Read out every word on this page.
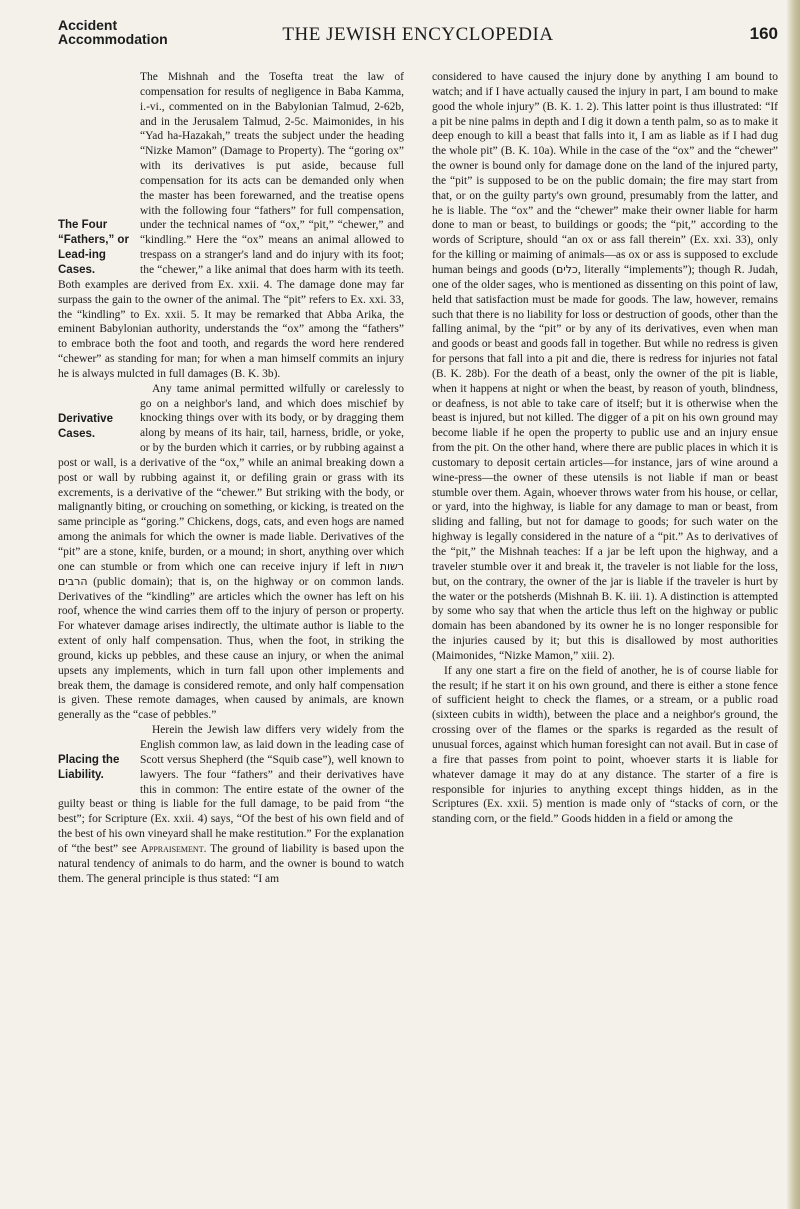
Accident
Accommodation	THE JEWISH ENCYCLOPEDIA	160

The Four “Fathers,” or Lead-ing Cases.
The Mishnah and the Tosefta treat the law of compensation for results of negligence in Baba Kamma, i.-vi., commented on in the Babylonian Talmud, 2-62b, and in the Jerusalem Talmud, 2-5c. Maimonides, in his “Yad ha-Hazakah,” treats the subject under the heading “Nizke Mamon” (Damage to Property). The “goring ox” with its derivatives is put aside, because full compensation for its acts can be demanded only when the master has been forewarned, and the treatise opens with the following four “fathers” for full compensation, under the technical names of “ox,” “pit,” “chewer,” and “kindling.” Here the “ox” means an animal allowed to trespass on a stranger's land and do injury with its foot; the “chewer,” a like animal that does harm with its teeth. Both examples are derived from Ex. xxii. 4. The damage done may far surpass the gain to the owner of the animal. The “pit” refers to Ex. xxi. 33, the “kindling” to Ex. xxii. 5. It may be remarked that Abba Arika, the eminent Babylonian authority, understands the “ox” among the “fathers” to embrace both the foot and tooth, and regards the word here rendered “chewer” as standing for man; for when a man himself commits an injury he is always mulcted in full damages (B. K. 3b).

Derivative Cases.
Any tame animal permitted wilfully or carelessly to go on a neighbor's land, and which does mischief by knocking things over with its body, or by dragging them along by means of its hair, tail, harness, bridle, or yoke, or by the burden which it carries, or by rubbing against a post or wall, is a derivative of the “ox,” while an animal breaking down a post or wall by rubbing against it, or defiling grain or grass with its excrements, is a derivative of the “chewer.” But striking with the body, or malignantly biting, or crouching on something, or kicking, is treated on the same principle as “goring.” Chickens, dogs, cats, and even hogs are named among the animals for which the owner is made liable. Derivatives of the “pit” are a stone, knife, burden, or a mound; in short, anything over which one can stumble or from which one can receive injury if left in רשות הרבים (public domain); that is, on the highway or on common lands. Derivatives of the “kindling” are articles which the owner has left on his roof, whence the wind carries them off to the injury of person or property. For whatever damage arises indirectly, the ultimate author is liable to the extent of only half compensation. Thus, when the foot, in striking the ground, kicks up pebbles, and these cause an injury, or when the animal upsets any implements, which in turn fall upon other implements and break them, the damage is considered remote, and only half compensation is given. These remote damages, when caused by animals, are known generally as the “case of pebbles.”

Placing the Liability.
Herein the Jewish law differs very widely from the English common law, as laid down in the leading case of Scott versus Shepherd (the “Squib case”), well known to lawyers. The four “fathers” and their derivatives have this in common: The entire estate of the owner of the guilty beast or thing is liable for the full damage, to be paid from “the best”; for Scripture (Ex. xxii. 4) says, “Of the best of his own field and of the best of his own vineyard shall he make restitution.” For the explanation of “the best” see Appraisement. The ground of liability is based upon the natural tendency of animals to do harm, and the owner is bound to watch them. The general principle is thus stated: “I am

considered to have caused the injury done by anything I am bound to watch; and if I have actually caused the injury in part, I am bound to make good the whole injury” (B. K. 1. 2). This latter point is thus illustrated: “If a pit be nine palms in depth and I dig it down a tenth palm, so as to make it deep enough to kill a beast that falls into it, I am as liable as if I had dug the whole pit” (B. K. 10a). While in the case of the “ox” and the “chewer” the owner is bound only for damage done on the land of the injured party, the “pit” is supposed to be on the public domain; the fire may start from that, or on the guilty party's own ground, presumably from the latter, and he is liable. The “ox” and the “chewer” make their owner liable for harm done to man or beast, to buildings or goods; the “pit,” according to the words of Scripture, should “an ox or ass fall therein” (Ex. xxi. 33), only for the killing or maiming of animals—as ox or ass is supposed to exclude human beings and goods (כלים, literally “implements”); though R. Judah, one of the older sages, who is mentioned as dissenting on this point of law, held that satisfaction must be made for goods. The law, however, remains such that there is no liability for loss or destruction of goods, other than the falling animal, by the “pit” or by any of its derivatives, even when man and goods or beast and goods fall in together. But while no redress is given for persons that fall into a pit and die, there is redress for injuries not fatal (B. K. 28b). For the death of a beast, only the owner of the pit is liable, when it happens at night or when the beast, by reason of youth, blindness, or deafness, is not able to take care of itself; but it is otherwise when the beast is injured, but not killed. The digger of a pit on his own ground may become liable if he open the property to public use and an injury ensue from the pit. On the other hand, where there are public places in which it is customary to deposit certain articles—for instance, jars of wine around a wine-press—the owner of these utensils is not liable if man or beast stumble over them. Again, whoever throws water from his house, or cellar, or yard, into the highway, is liable for any damage to man or beast, from sliding and falling, but not for damage to goods; for such water on the highway is legally considered in the nature of a “pit.” As to derivatives of the “pit,” the Mishnah teaches: If a jar be left upon the highway, and a traveler stumble over it and break it, the traveler is not liable for the loss, but, on the contrary, the owner of the jar is liable if the traveler is hurt by the water or the potsherds (Mishnah B. K. iii. 1). A distinction is attempted by some who say that when the article thus left on the highway or public domain has been abandoned by its owner he is no longer responsible for the injuries caused by it; but this is disallowed by most authorities (Maimonides, “Nizke Mamon,” xiii. 2).

If any one start a fire on the field of another, he is of course liable for the result; if he start it on his own ground, and there is either a stone fence of sufficient height to check the flames, or a stream, or a public road (sixteen cubits in width), between the place and a neighbor's ground, the crossing over of the flames or the sparks is regarded as the result of unusual forces, against which human foresight can not avail. But in case of a fire that passes from point to point, whoever starts it is liable for whatever damage it may do at any distance. The starter of a fire is responsible for injuries to anything except things hidden, as in the Scriptures (Ex. xxii. 5) mention is made only of “stacks of corn, or the standing corn, or the field.” Goods hidden in a field or among the
